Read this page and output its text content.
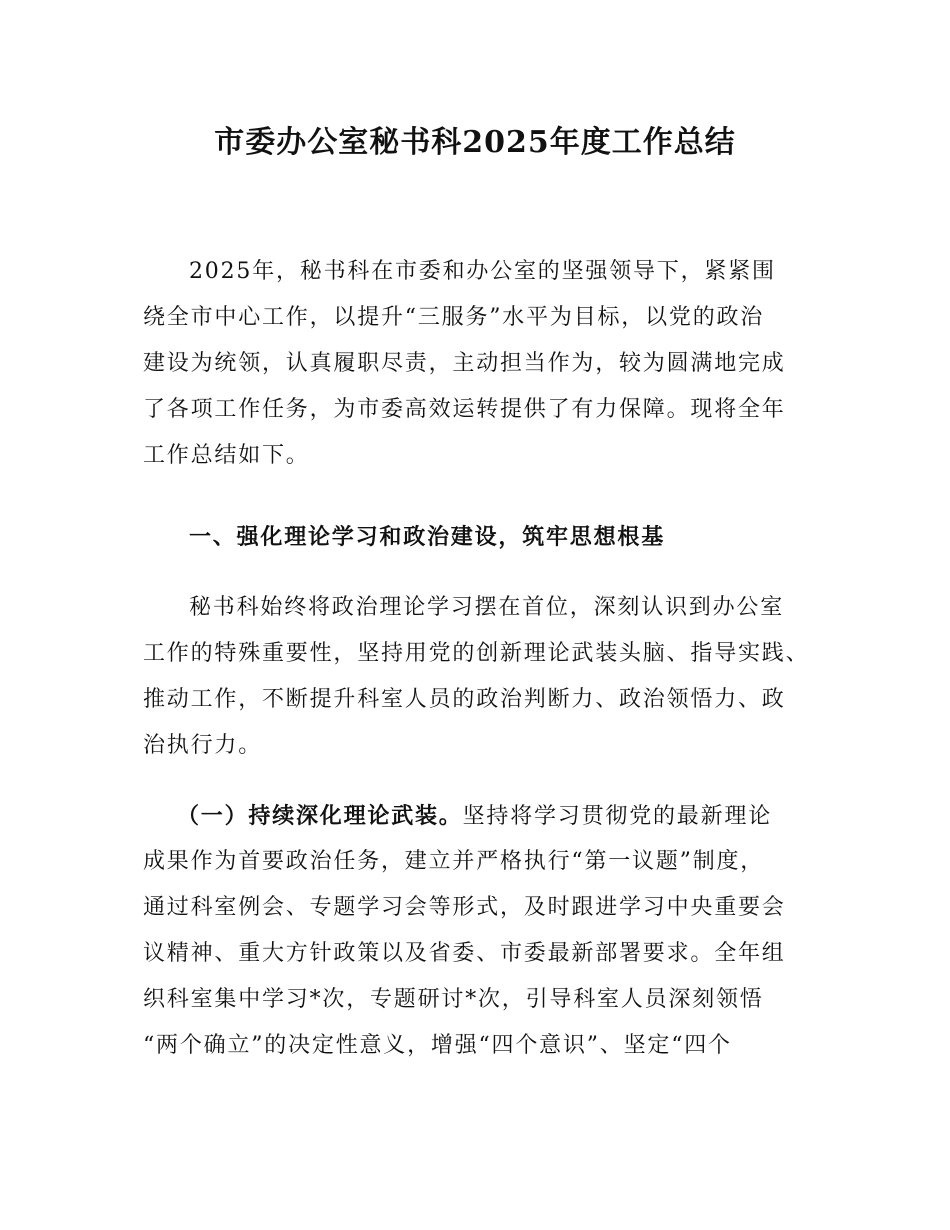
市委办公室秘书科2025年度工作总结
2025年，秘书科在市委和办公室的坚强领导下，紧紧围
绕全市中心工作，以提升“三服务”水平为目标，以党的政治
建设为统领，认真履职尽责，主动担当作为，较为圆满地完成
了各项工作任务，为市委高效运转提供了有力保障。现将全年
工作总结如下。
一、强化理论学习和政治建设，筑牢思想根基
秘书科始终将政治理论学习摆在首位，深刻认识到办公室
工作的特殊重要性，坚持用党的创新理论武装头脑、指导实践、
推动工作，不断提升科室人员的政治判断力、政治领悟力、政
治执行力。
（一）持续深化理论武装。坚持将学习贯彻党的最新理论
成果作为首要政治任务，建立并严格执行“第一议题”制度，
通过科室例会、专题学习会等形式，及时跟进学习中央重要会
议精神、重大方针政策以及省委、市委最新部署要求。全年组
织科室集中学习*次，专题研讨*次，引导科室人员深刻领悟
“两个确立”的决定性意义，增强“四个意识”、坚定“四个
